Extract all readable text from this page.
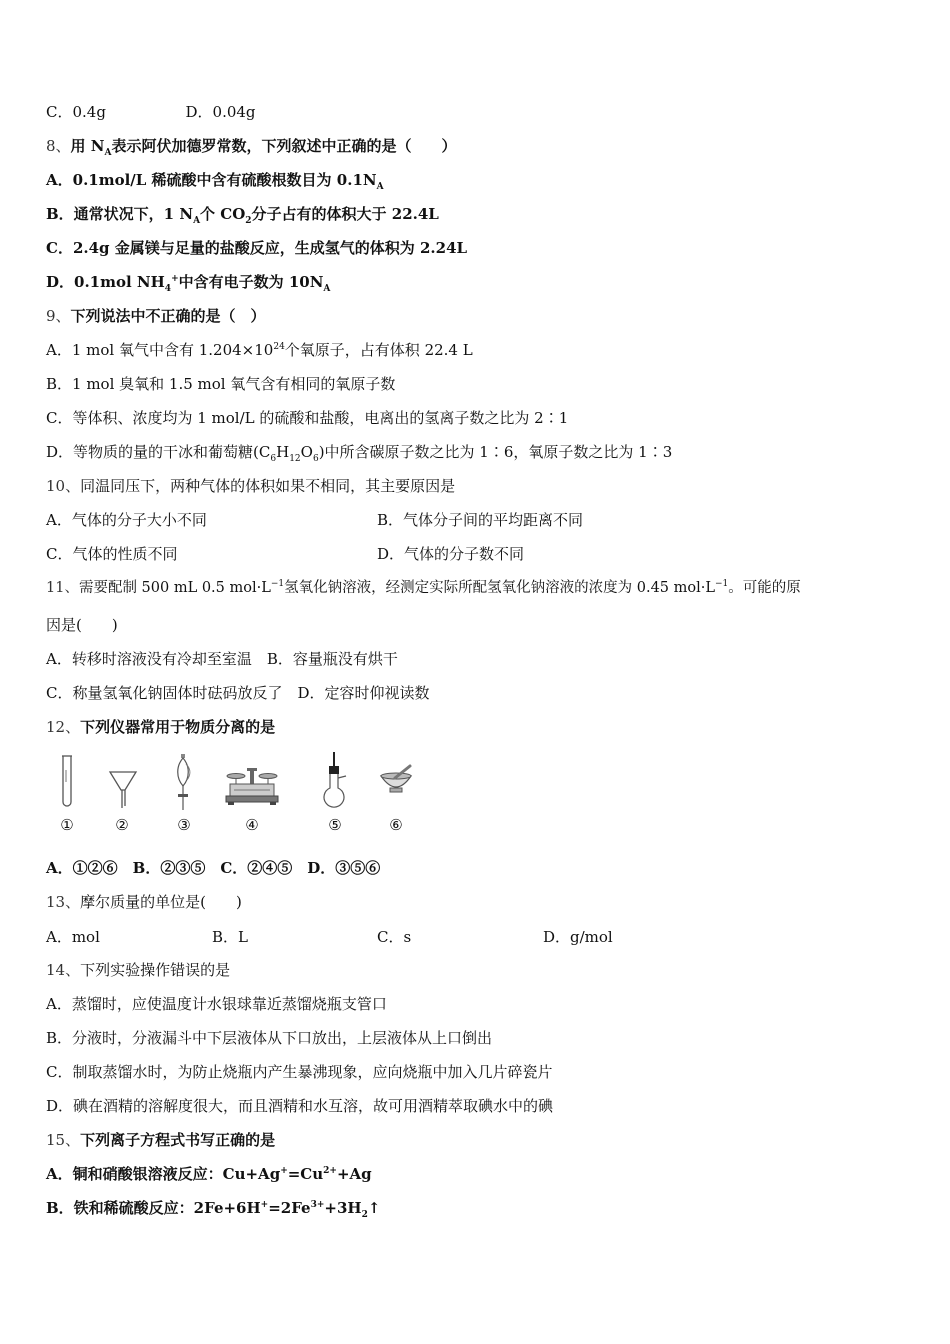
C．0.4g	D．0.04g
8、用 $N_A$表示阿伏加德罗常数，下列叙述中正确的是（　　）
A．0.1mol/L 稀硫酸中含有硫酸根数目为 $0.1N_A$
B．通常状况下，1 $N_A$个 $CO_2$分子占有的体积大于 22.4L
C．2.4g 金属镁与足量的盐酸反应，生成氢气的体积为 2.24L
D．0.1mol $NH_4^+$中含有电子数为 $10N_A$
9、下列说法中不正确的是（　）
A．1 mol 氧气中含有 $1.204\times 10^{24}$个氧原子，占有体积 22.4 L
B．1 mol 臭氧和 1.5 mol 氧气含有相同的氧原子数
C．等体积、浓度均为 1 mol/L 的硫酸和盐酸，电离出的氢离子数之比为 2∶1
D．等物质的量的干冰和葡萄糖$(C_6H_{12}O_6)$中所含碳原子数之比为 1∶6，氧原子数之比为 1∶3
10、同温同压下，两种气体的体积如果不相同，其主要原因是
A．气体的分子大小不同	B．气体分子间的平均距离不同
C．气体的性质不同	D．气体的分子数不同
11、需要配制 500 mL 0.5 $mol\cdot L^{-1}$氢氧化钠溶液，经测定实际所配氢氧化钠溶液的浓度为 0.45 $mol\cdot L^{-1}$。可能的原
因是(　　)
A．转移时溶液没有冷却至室温　B．容量瓶没有烘干
C．称量氢氧化钠固体时砝码放反了　D．定容时仰视读数
12、下列仪器常用于物质分离的是
①	②	③	④	⑤	⑥
A．①②⑥　B．②③⑤　C．②④⑤　D．③⑤⑥
13、摩尔质量的单位是(　　)
A．mol	B．L	C．s	D．g/mol
14、下列实验操作错误的是
A．蒸馏时，应使温度计水银球靠近蒸馏烧瓶支管口
B．分液时，分液漏斗中下层液体从下口放出，上层液体从上口倒出
C．制取蒸馏水时，为防止烧瓶内产生暴沸现象，应向烧瓶中加入几片碎瓷片
D．碘在酒精的溶解度很大，而且酒精和水互溶，故可用酒精萃取碘水中的碘
15、下列离子方程式书写正确的是
A．铜和硝酸银溶液反应：$Cu+Ag^+=Cu^{2+}+Ag$
B．铁和稀硫酸反应：$2Fe+6H^+=2Fe^{3+}+3H_2↑$
